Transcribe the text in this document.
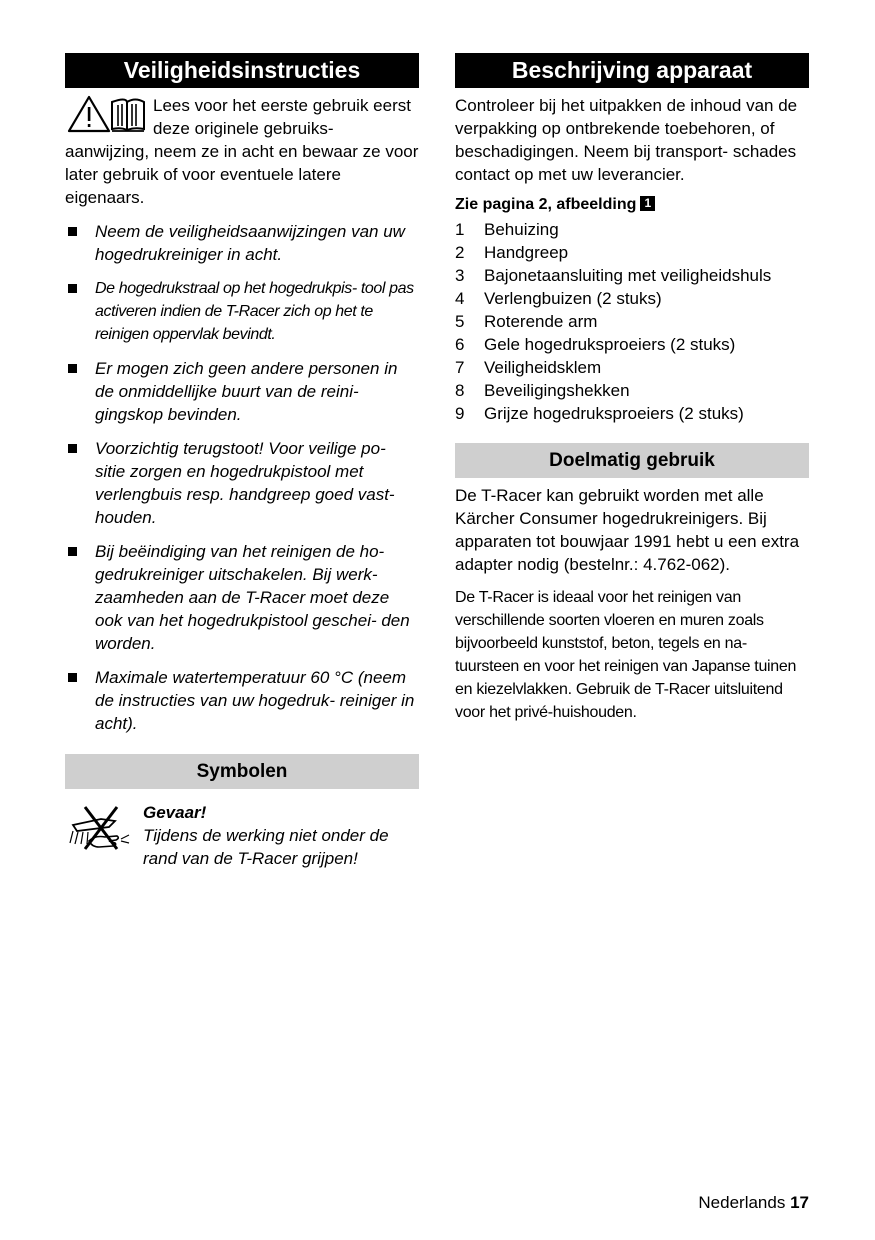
Veiligheidsinstructies

Lees voor het eerste gebruik eerst deze originele gebruiks- aanwijzing, neem ze in acht en bewaar ze voor later gebruik of voor eventuele latere eigenaars.

Neem de veiligheidsaanwijzingen van uw hogedrukreiniger in acht.
De hogedrukstraal op het hogedrukpis- tool pas activeren indien de T-Racer zich op het te reinigen oppervlak bevindt.
Er mogen zich geen andere personen in de onmiddellijke buurt van de reini- gingskop bevinden.
Voorzichtig terugstoot! Voor veilige po- sitie zorgen en hogedrukpistool met verlengbuis resp. handgreep goed vast- houden.
Bij beëindiging van het reinigen de ho- gedrukreiniger uitschakelen. Bij werk- zaamheden aan de T-Racer moet deze ook van het hogedrukpistool geschei- den worden.
Maximale watertemperatuur 60 °C (neem de instructies van uw hogedruk- reiniger in acht).
Symbolen
Gevaar!
Tijdens de werking niet onder de rand van de T-Racer grijpen!
Beschrijving apparaat

Controleer bij het uitpakken de inhoud van de verpakking op ontbrekende toebehoren, of beschadigingen. Neem bij transport- schades contact op met uw leverancier.

Zie pagina 2, afbeelding 1
1 Behuizing
2 Handgreep
3 Bajonetaansluiting met veiligheidshuls
4 Verlengbuizen (2 stuks)
5 Roterende arm
6 Gele hogedruksproeiers (2 stuks)
7 Veiligheidsklem
8 Beveiligingshekken
9 Grijze hogedruksproeiers (2 stuks)
Doelmatig gebruik

De T-Racer kan gebruikt worden met alle Kärcher Consumer hogedrukreinigers. Bij apparaten tot bouwjaar 1991 hebt u een extra adapter nodig (bestelnr.: 4.762-062).

De T-Racer is ideaal voor het reinigen van verschillende soorten vloeren en muren zoals bijvoorbeeld kunststof, beton, tegels en na- tuursteen en voor het reinigen van Japanse tuinen en kiezelvlakken. Gebruik de T-Racer uitsluitend voor het privé-huishouden.

Nederlands 17
